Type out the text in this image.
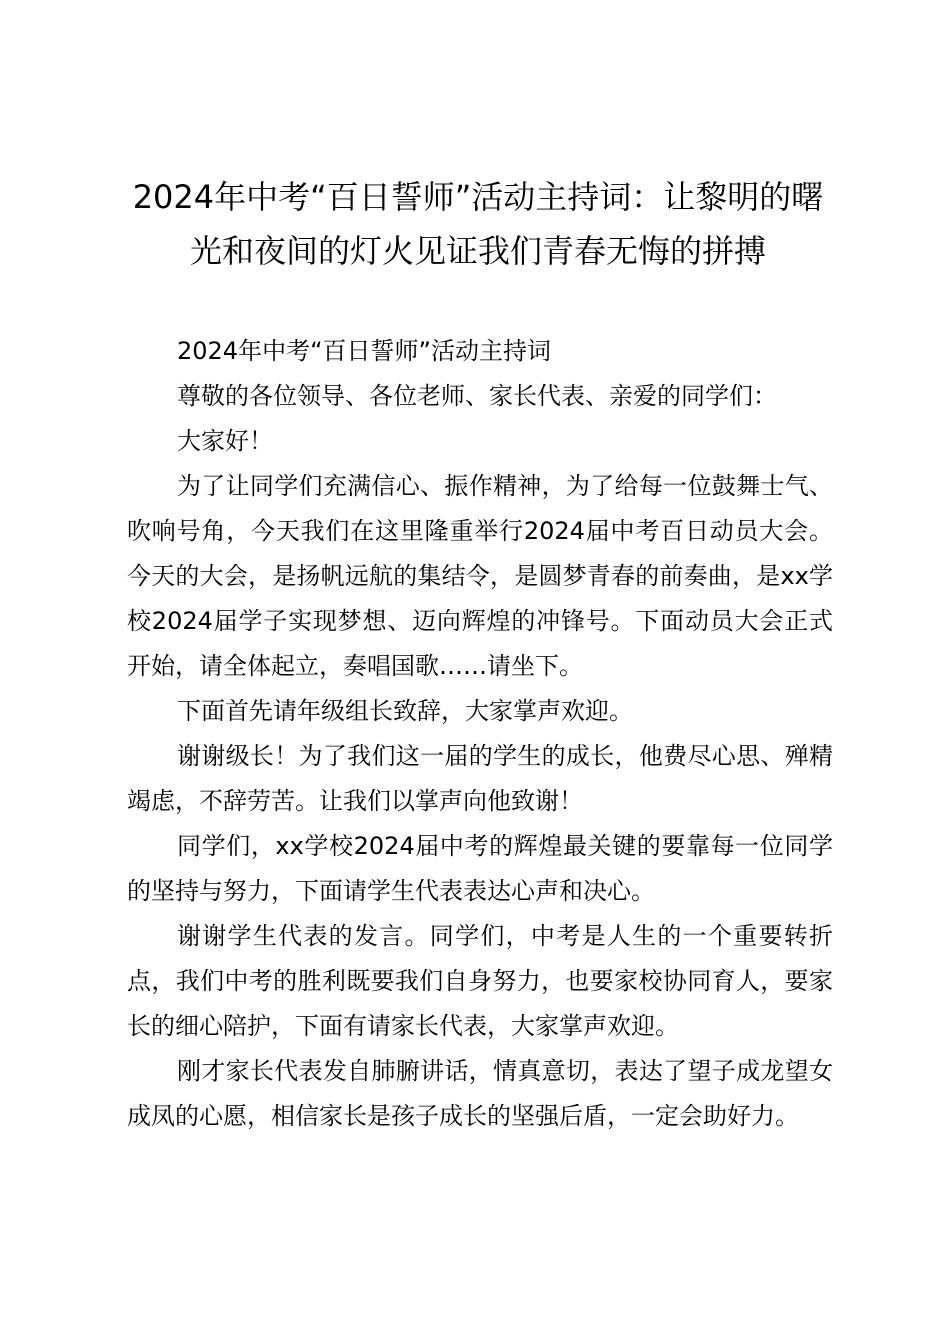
2024年中考“百日誓师”活动主持词：让黎明的曙光和夜间的灯火见证我们青春无悔的拼搏

2024年中考“百日誓师”活动主持词

尊敬的各位领导、各位老师、家长代表、亲爱的同学们：

大家好！

为了让同学们充满信心、振作精神，为了给每一位鼓舞士气、吹响号角，今天我们在这里隆重举行2024届中考百日动员大会。今天的大会，是扬帆远航的集结令，是圆梦青春的前奏曲，是xx学校2024届学子实现梦想、迈向辉煌的冲锋号。下面动员大会正式开始，请全体起立，奏唱国歌……请坐下。

下面首先请年级组长致辞，大家掌声欢迎。

谢谢级长！为了我们这一届的学生的成长，他费尽心思、殚精竭虑，不辞劳苦。让我们以掌声向他致谢！

同学们，xx学校2024届中考的辉煌最关键的要靠每一位同学的坚持与努力，下面请学生代表表达心声和决心。

谢谢学生代表的发言。同学们，中考是人生的一个重要转折点，我们中考的胜利既要我们自身努力，也要家校协同育人，要家长的细心陪护，下面有请家长代表，大家掌声欢迎。

刚才家长代表发自肺腑讲话，情真意切，表达了望子成龙望女成凤的心愿，相信家长是孩子成长的坚强后盾，一定会助好力。
